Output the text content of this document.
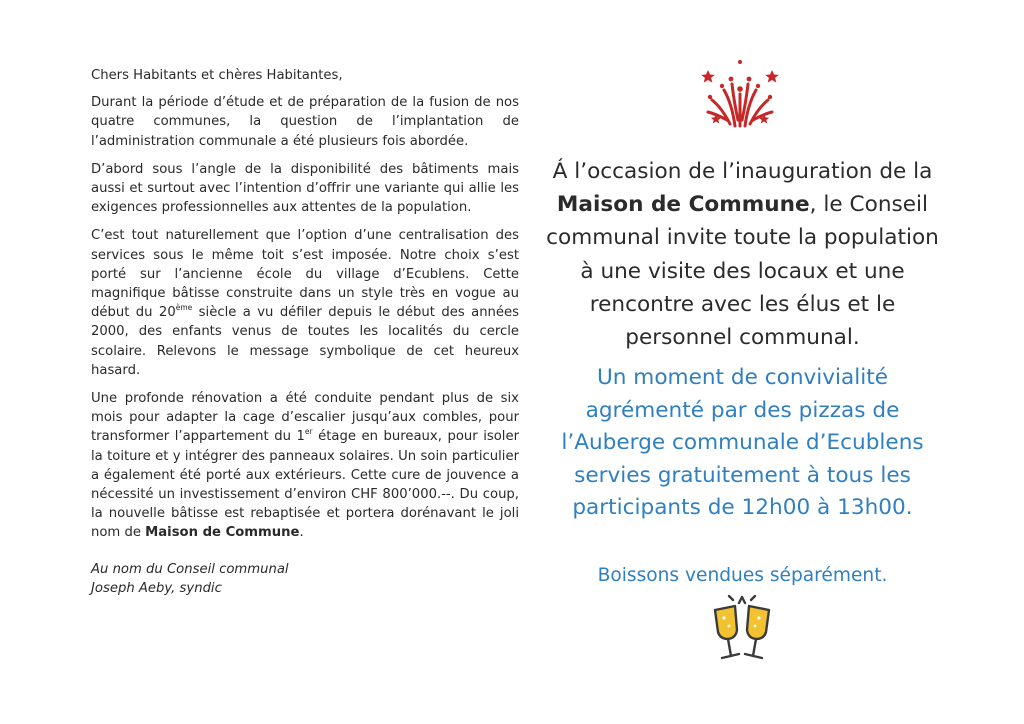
Chers Habitants et chères Habitantes,

Durant la période d’étude et de préparation de la fusion de nos quatre communes, la question de l’implantation de l’administration communale a été plusieurs fois abordée.

D’abord sous l’angle de la disponibilité des bâtiments mais aussi et surtout avec l’intention d’offrir une variante qui allie les exigences professionnelles aux attentes de la population.

C’est tout naturellement que l’option d’une centralisation des services sous le même toit s’est imposée. Notre choix s’est porté sur l’ancienne école du village d’Ecublens. Cette magnifique bâtisse construite dans un style très en vogue au début du 20ème siècle a vu défiler depuis le début des années 2000, des enfants venus de toutes les localités du cercle scolaire. Relevons le message symbolique de cet heureux hasard.

Une profonde rénovation a été conduite pendant plus de six mois pour adapter la cage d’escalier jusqu’aux combles, pour transformer l’appartement du 1er étage en bureaux, pour isoler la toiture et y intégrer des panneaux solaires. Un soin particulier a également été porté aux extérieurs. Cette cure de jouvence a nécessité un investissement d’environ CHF 800’000.--. Du coup, la nouvelle bâtisse est rebaptisée et portera dorénavant le joli nom de Maison de Commune.

Au nom du Conseil communal
Joseph Aeby, syndic
Á l’occasion de l’inauguration de la Maison de Commune, le Conseil communal invite toute la population à une visite des locaux et une rencontre avec les élus et le personnel communal.
Un moment de convivialité agrémenté par des pizzas de l’Auberge communale d’Ecublens servies gratuitement à tous les participants de 12h00 à 13h00.
Boissons vendues séparément.
